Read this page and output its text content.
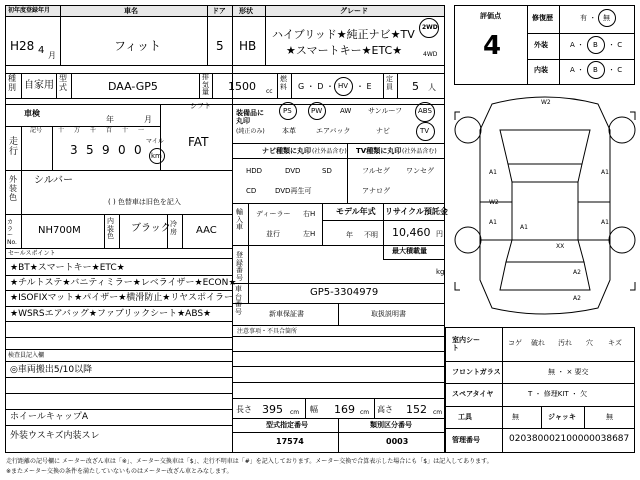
初年度登録年月	車名	ドア 形状	グレード
H28 4 月
フィット	5 HB
ハイブリッド★純正ナビ★TV
★スマートキー★ETC★
2WD
4WD
種別 自家用
型式	DAA-GP5
排気量 1500 cc
燃料 G ・ D ・ HV ・ E
定員 5 人
車検
年	月
シフト
FAT
走行
記号	十 万 千 百 十 一
3 5 9 0 0
マイル
km
外装色
シルバー
( ) 色替車は旧色を記入
カラーNo.
NH700M
内装色
ブラック 冷房 AAC
セールスポイント
★BT★スマートキー★ETC★
★チルトステ★バニティミラー★レベライザー★ECON★
★ISOFIXマット★パイザー★横滑防止★リヤスポイラー
★WSRSエアバッグ★ファブリックシート★ABS★
検査員記入欄
◎車両搬出5/10以降
ホイールキャップA
外装ウスキズ内装スレ
装備品に丸印
(純正のみ)
PS	PW	AW サンルーフ ABS
本革	エアバック	ナビ	TV
ナビ種類に丸印 (社外品含む) TV種類に丸印 (社外品含む)
HDD	DVD	SD
CD	DVD再生可
フルセグ ワンセグ
アナログ
輸入車
ディーラー
並行
右H
左H
モデル年式
年 不明
リサイクル預託金
10,460 円
登録番号
最大積載量
kg
車台番号
GP5-3304979
新車保証書	取扱説明書
注意事項・不具合箇所
長さ 395 cm 幅 169 cm 高さ 152 cm
型式指定番号	類別区分番号
17574	0003
評価点
4
修復歴	有 ・ 無
外装	A ・ B ・ C
内装	A ・ B ・ C
W2
A1	A1
A1
W2
A1
A1
XX
A2
A2
室内シート
コゲ 破れ 汚れ 穴 キズ
フロントガラス	無 ・ × 要交
スペアタイヤ	T ・ 修理KIT ・ 欠
工具	無	ジャッキ	無
管理番号	020380002100000038687
走行距離の記号欄に メーター改ざん車は「※」、メーター交換車は「$」、走行不明車は「#」を記入しております。メーター交換で合算表示した場合にも「$」は記入してあります。
※またメーター交換の条件を満たしていないものはメーター改ざん車とみなします。
